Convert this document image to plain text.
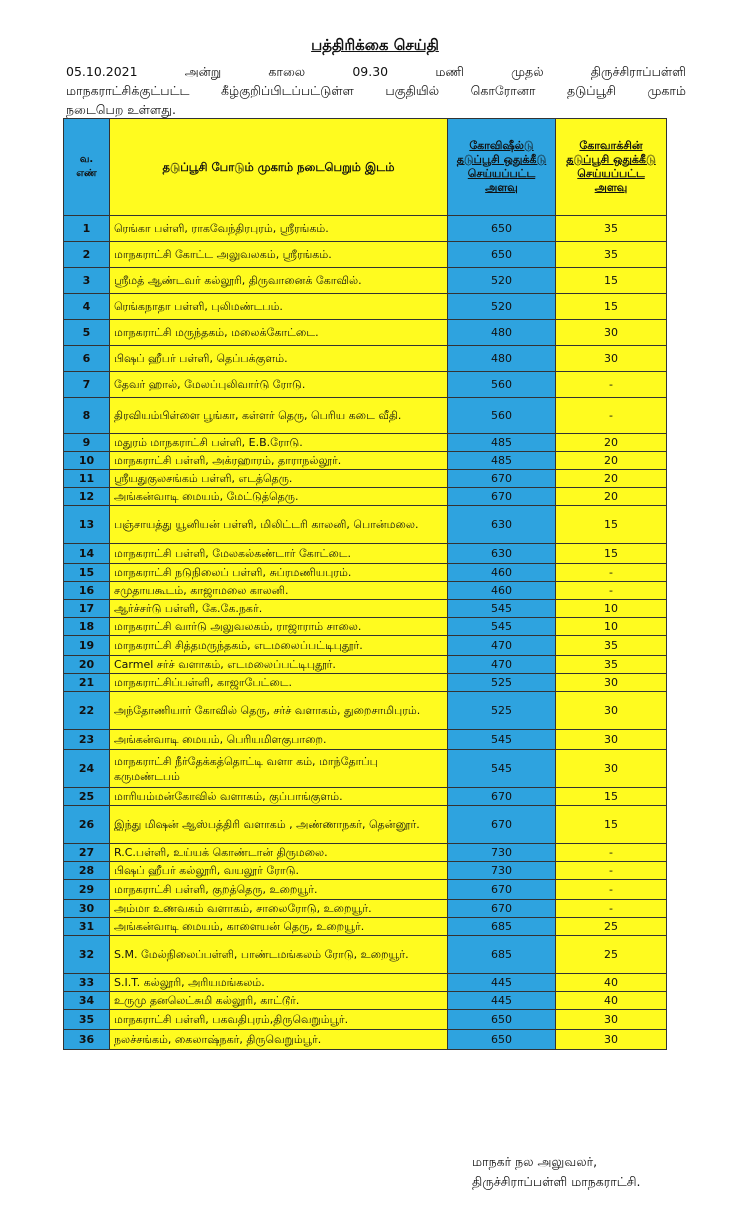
பத்திரிக்கை செய்தி
05.10.2021	அன்று	காலை	09.30	மணி	முதல்	திருச்சிராப்பள்ளி
மாநகராட்சிக்குட்பட்ட	கீழ்குறிப்பிடப்பட்டுள்ள	பகுதியில்	கொரோனா	தடுப்பூசி	முகாம்
நடைபெற உள்ளது.
வ. எண்	தடுப்பூசி போடும் முகாம் நடைபெறும் இடம்	கோவிஷீல்டு தடுப்பூசி ஒதுக்கீடு செய்யப்பட்ட அளவு	கோவாக்சின் தடுப்பூசி ஒதுக்கீடு செய்யப்பட்ட அளவு
1	ரெங்கா பள்ளி, ராகவேந்திரபுரம், ஸ்ரீரங்கம்.	650	35
2	மாநகராட்சி கோட்ட அலுவலகம், ஸ்ரீரங்கம்.	650	35
3	ஸ்ரீமத் ஆண்டவர் கல்லூரி, திருவானைக் கோவில்.	520	15
4	ரெங்கநாதா பள்ளி, புலிமண்டபம்.	520	15
5	மாநகராட்சி மருந்தகம், மலைக்கோட்டை.	480	30
6	பிஷப் ஹீபர் பள்ளி, தெப்பக்குளம்.	480	30
7	தேவர் ஹால், மேலப்புலிவார்டு ரோடு.	560	-
8	திரவியம்பிள்ளை பூங்கா, கள்ளர் தெரு, பெரிய கடை வீதி.	560	-
9	மதுரம் மாநகராட்சி பள்ளி, E.B.ரோடு.	485	20
10	மாநகராட்சி பள்ளி, அக்ரஹாரம், தாராநல்லூர்.	485	20
11	ஸ்ரீயதுகுலசங்கம் பள்ளி, எடத்தெரு.	670	20
12	அங்கன்வாடி மையம், மேட்டுத்தெரு.	670	20
13	பஞ்சாயத்து யூனியன் பள்ளி, மிலிட்டரி காலனி, பொன்மலை.	630	15
14	மாநகராட்சி பள்ளி, மேலகல்கண்டார் கோட்டை.	630	15
15	மாநகராட்சி நடுநிலைப் பள்ளி, சுப்ரமணியபுரம்.	460	-
16	சமுதாயகூடம், காஜாமலை காலனி.	460	-
17	ஆர்ச்சர்டு பள்ளி, கே.கே.நகர்.	545	10
18	மாநகராட்சி வார்டு அலுவலகம், ராஜாராம் சாலை.	545	10
19	மாநகராட்சி சித்தமருந்தகம், எடமலைப்பட்டிபுதூர்.	470	35
20	Carmel சர்ச் வளாகம், எடமலைப்பட்டிபுதூர்.	470	35
21	மாநகராட்சிப்பள்ளி, காஜாபேட்டை.	525	30
22	அந்தோணியார் கோவில் தெரு, சர்ச் வளாகம், துறைசாமிபுரம்.	525	30
23	அங்கன்வாடி மையம், பெரியமிளகுபாறை.	545	30
24	மாநகராட்சி நீர்தேக்கத்தொட்டி வளா கம், மாந்தோப்பு கருமண்டபம்	545	30
25	மாரியம்மன்கோவில் வளாகம், குப்பாங்குளம்.	670	15
26	இந்து மிஷன் ஆஸ்பத்திரி வளாகம் , அண்ணாநகர், தென்னூர்.	670	15
27	R.C.பள்ளி, உய்யக் கொண்டான் திருமலை.	730	-
28	பிஷப் ஹீபர் கல்லூரி, வயலூர் ரோடு.	730	-
29	மாநகராட்சி பள்ளி, குறத்தெரு, உறையூர்.	670	-
30	அம்மா உணவகம் வளாகம், சாலைரோடு, உறையூர்.	670	-
31	அங்கன்வாடி மையம், காளையன் தெரு, உறையூர்.	685	25
32	S.M. மேல்நிலைப்பள்ளி, பாண்டமங்கலம் ரோடு, உறையூர்.	685	25
33	S.I.T. கல்லூரி, அரியமங்கலம்.	445	40
34	உருமு தனலெட்சுமி கல்லூரி, காட்டூர்.	445	40
35	மாநகராட்சி பள்ளி, பகவதிபுரம்,திருவெறும்பூர்.	650	30
36	நலச்சங்கம், கைலாஷ்நகர், திருவெறும்பூர்.	650	30
மாநகர் நல அலுவலர்,
திருச்சிராப்பள்ளி மாநகராட்சி.
